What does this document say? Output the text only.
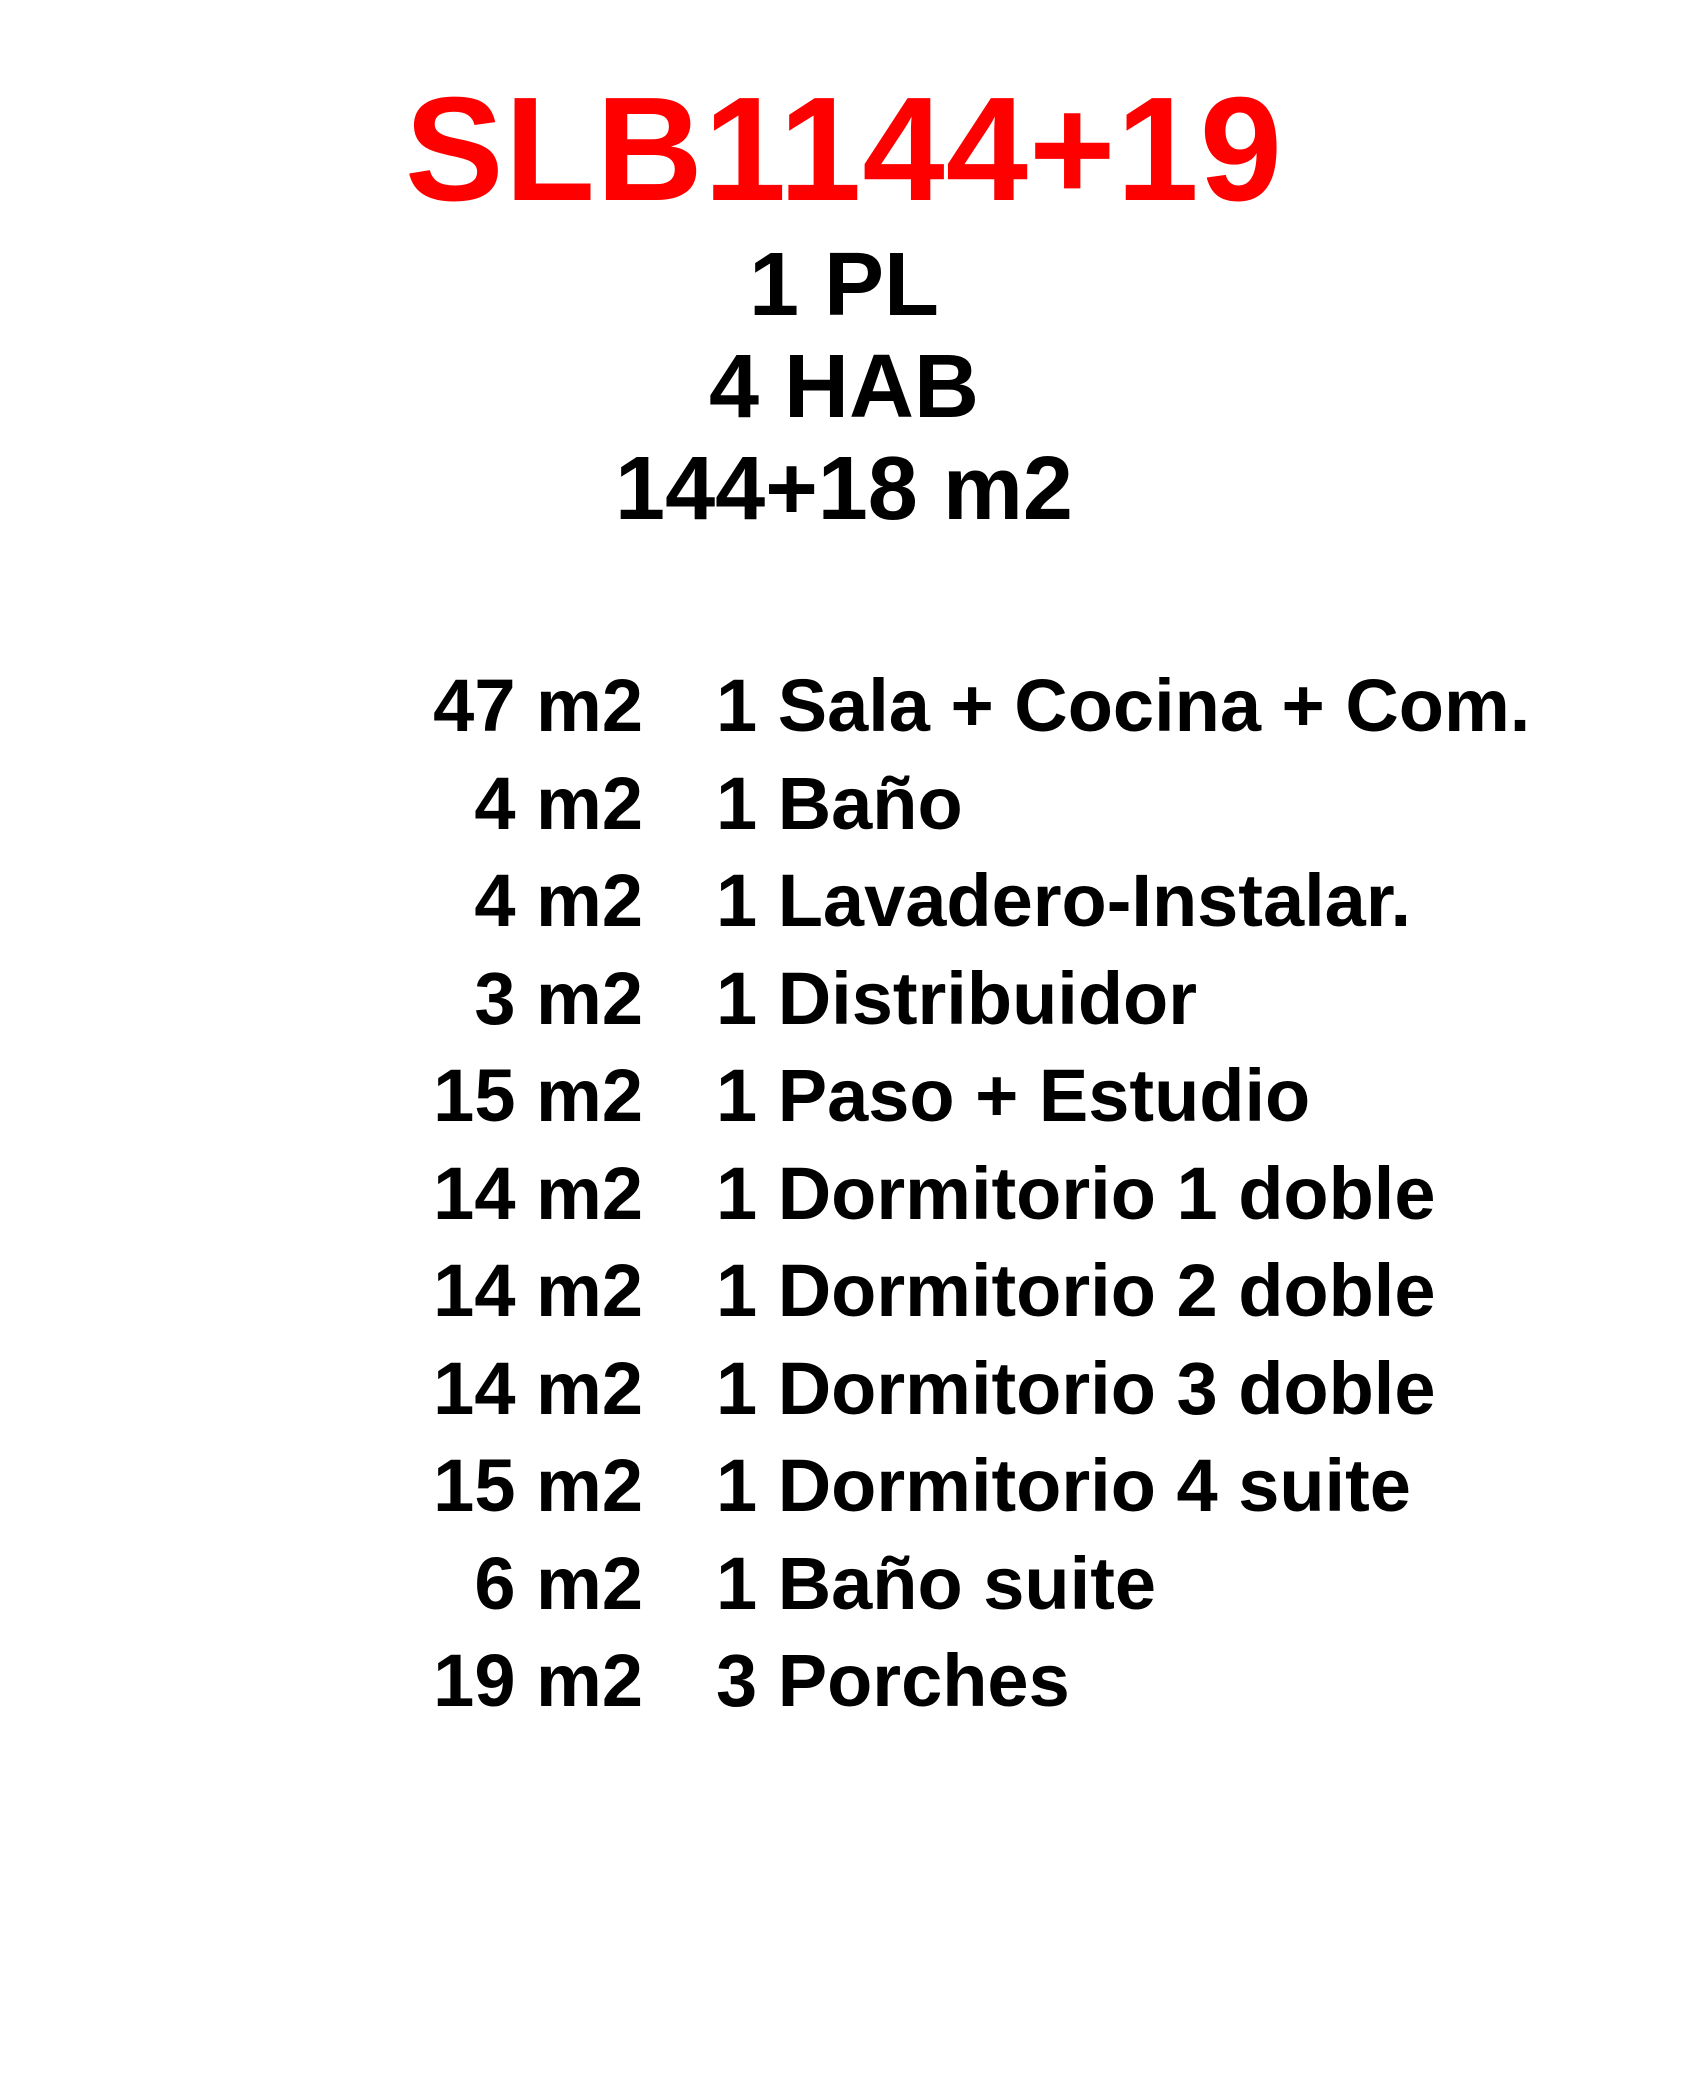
SLB1144+19
1 PL
4 HAB
144+18 m2
47 m2 1 Sala + Cocina + Com.
4 m2 1 Baño
4 m2 1 Lavadero-Instalar.
3 m2 1 Distribuidor
15 m2 1 Paso + Estudio
14 m2 1 Dormitorio 1 doble
14 m2 1 Dormitorio 2 doble
14 m2 1 Dormitorio 3 doble
15 m2 1 Dormitorio 4 suite
6 m2 1 Baño suite
19 m2 3 Porches
